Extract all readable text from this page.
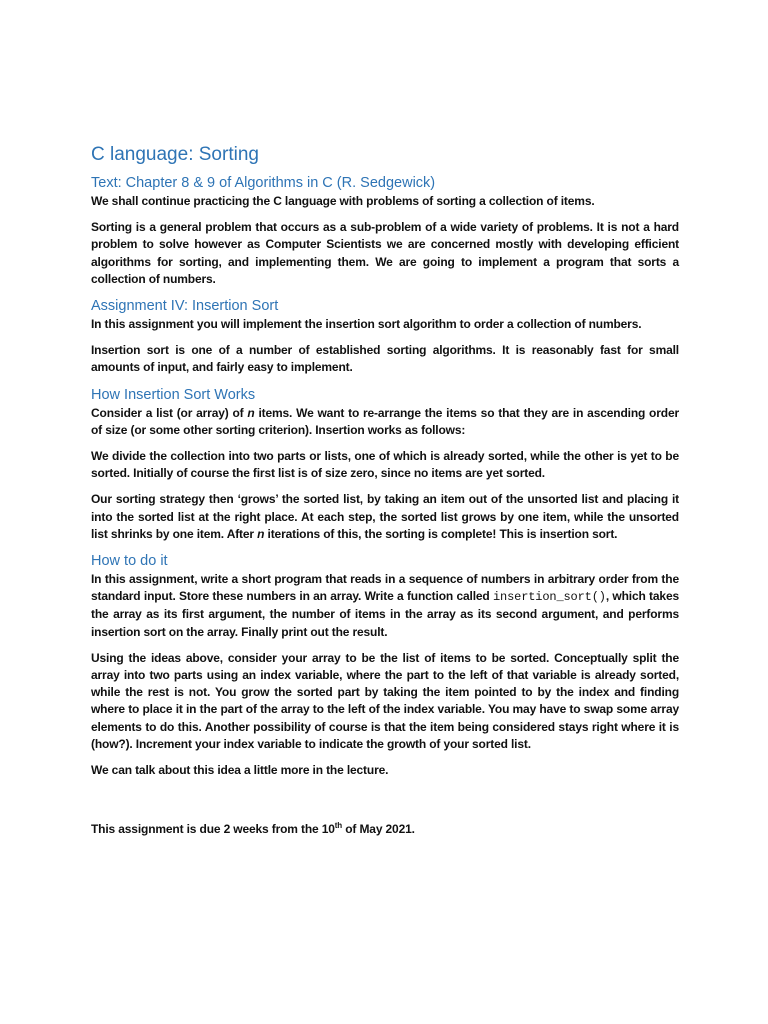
C language: Sorting
Text: Chapter 8 & 9 of Algorithms in C (R. Sedgewick)

We shall continue practicing the C language with problems of sorting a collection of items.

Sorting is a general problem that occurs as a sub-problem of a wide variety of problems. It is not a hard problem to solve however as Computer Scientists we are concerned mostly with developing efficient algorithms for sorting, and implementing them. We are going to implement a program that sorts a collection of numbers.

Assignment IV: Insertion Sort

In this assignment you will implement the insertion sort algorithm to order a collection of numbers.

Insertion sort is one of a number of established sorting algorithms. It is reasonably fast for small amounts of input, and fairly easy to implement.

How Insertion Sort Works

Consider a list (or array) of n items. We want to re-arrange the items so that they are in ascending order of size (or some other sorting criterion). Insertion works as follows:

We divide the collection into two parts or lists, one of which is already sorted, while the other is yet to be sorted. Initially of course the first list is of size zero, since no items are yet sorted.

Our sorting strategy then ‘grows’ the sorted list, by taking an item out of the unsorted list and placing it into the sorted list at the right place. At each step, the sorted list grows by one item, while the unsorted list shrinks by one item. After n iterations of this, the sorting is complete! This is insertion sort.

How to do it

In this assignment, write a short program that reads in a sequence of numbers in arbitrary order from the standard input. Store these numbers in an array. Write a function called insertion_sort(), which takes the array as its first argument, the number of items in the array as its second argument, and performs insertion sort on the array. Finally print out the result.

Using the ideas above, consider your array to be the list of items to be sorted. Conceptually split the array into two parts using an index variable, where the part to the left of that variable is already sorted, while the rest is not. You grow the sorted part by taking the item pointed to by the index and finding where to place it in the part of the array to the left of the index variable. You may have to swap some array elements to do this. Another possibility of course is that the item being considered stays right where it is (how?). Increment your index variable to indicate the growth of your sorted list.

We can talk about this idea a little more in the lecture.

This assignment is due 2 weeks from the 10th of May 2021.
